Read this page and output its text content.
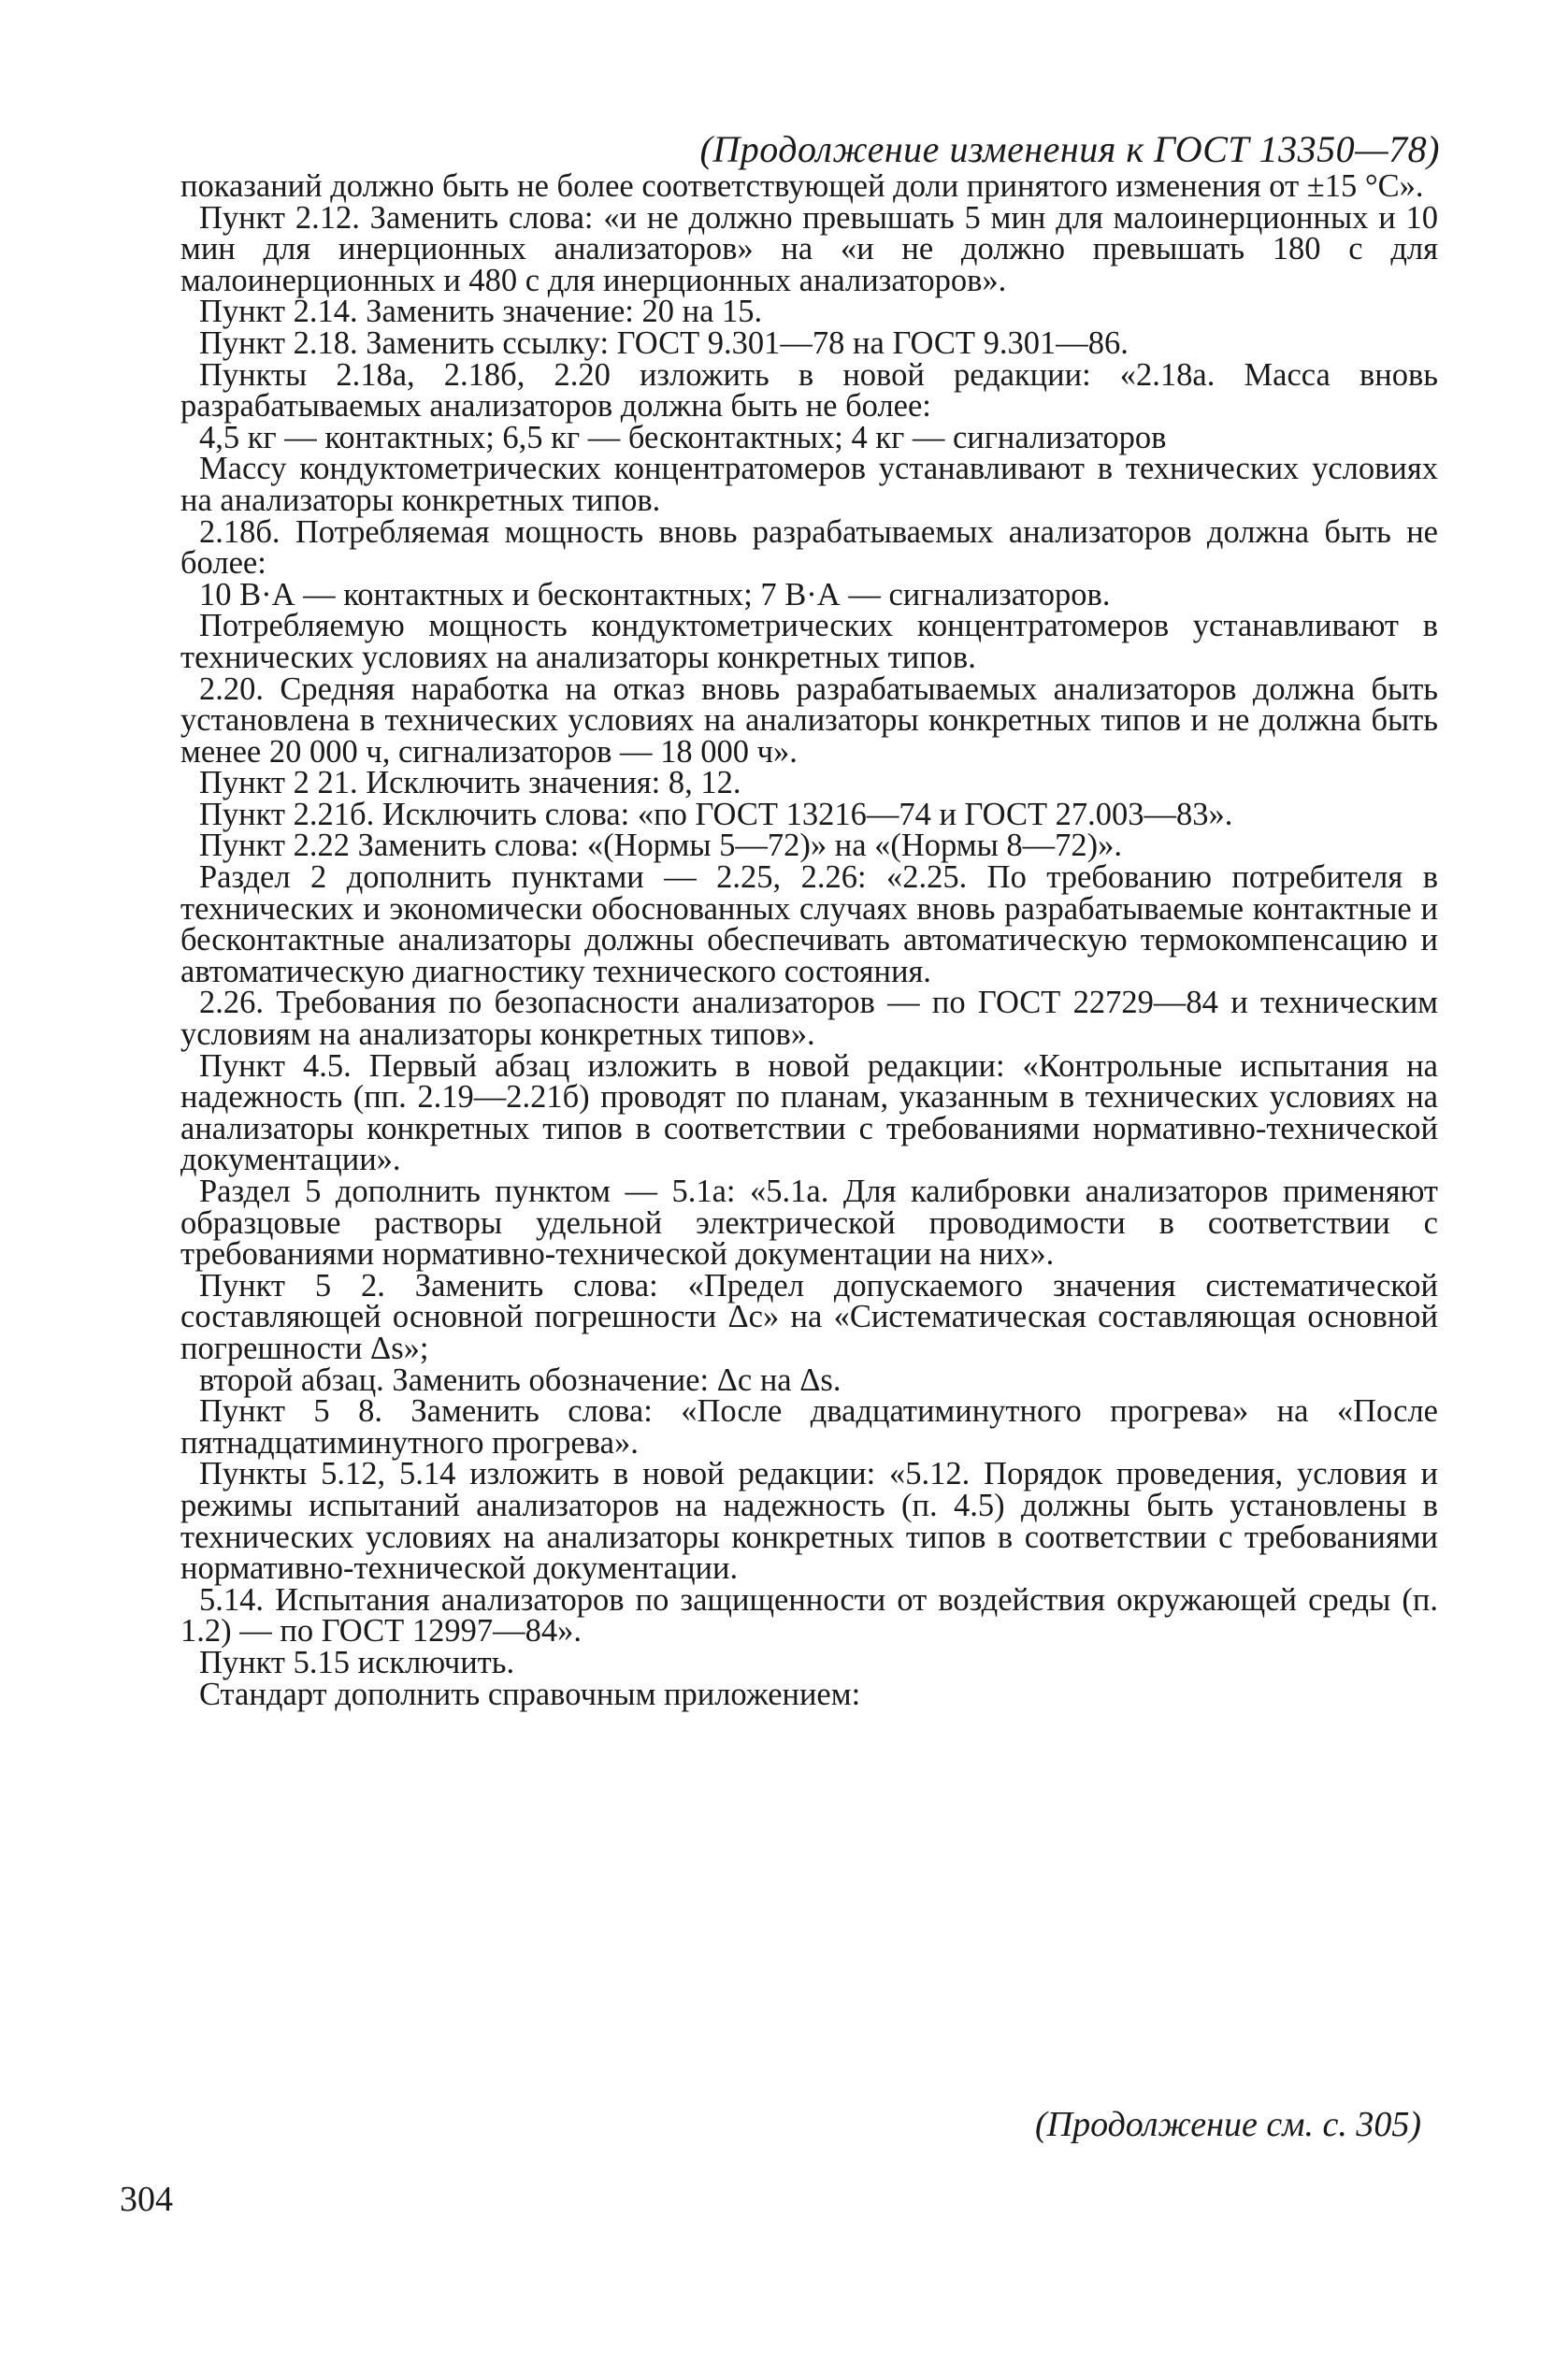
(Продолжение изменения к ГОСТ 13350—78)

показаний должно быть не более соответствующей доли принятого изменения от ±15 °С».

Пункт 2.12. Заменить слова: «и не должно превышать 5 мин для малоинерционных и 10 мин для инерционных анализаторов» на «и не должно превышать 180 с для малоинерционных и 480 с для инерционных анализаторов».

Пункт 2.14. Заменить значение: 20 на 15.

Пункт 2.18. Заменить ссылку: ГОСТ 9.301—78 на ГОСТ 9.301—86.

Пункты 2.18а, 2.18б, 2.20 изложить в новой редакции: «2.18а. Масса вновь разрабатываемых анализаторов должна быть не более:

4,5 кг — контактных; 6,5 кг — бесконтактных; 4 кг — сигнализаторов

Массу кондуктометрических концентратомеров устанавливают в технических условиях на анализаторы конкретных типов.

2.18б. Потребляемая мощность вновь разрабатываемых анализаторов должна быть не более:

10 В·А — контактных и бесконтактных; 7 В·А — сигнализаторов.

Потребляемую мощность кондуктометрических концентратомеров устанавливают в технических условиях на анализаторы конкретных типов.

2.20. Средняя наработка на отказ вновь разрабатываемых анализаторов должна быть установлена в технических условиях на анализаторы конкретных типов и не должна быть менее 20 000 ч, сигнализаторов — 18 000 ч».

Пункт 2 21. Исключить значения: 8, 12.

Пункт 2.21б. Исключить слова: «по ГОСТ 13216—74 и ГОСТ 27.003—83».

Пункт 2.22 Заменить слова: «(Нормы 5—72)» на «(Нормы 8—72)».

Раздел 2 дополнить пунктами — 2.25, 2.26: «2.25. По требованию потребителя в технических и экономически обоснованных случаях вновь разрабатываемые контактные и бесконтактные анализаторы должны обеспечивать автоматическую термокомпенсацию и автоматическую диагностику технического состояния.

2.26. Требования по безопасности анализаторов — по ГОСТ 22729—84 и техническим условиям на анализаторы конкретных типов».

Пункт 4.5. Первый абзац изложить в новой редакции: «Контрольные испытания на надежность (пп. 2.19—2.21б) проводят по планам, указанным в технических условиях на анализаторы конкретных типов в соответствии с требованиями нормативно-технической документации».

Раздел 5 дополнить пунктом — 5.1а: «5.1а. Для калибровки анализаторов применяют образцовые растворы удельной электрической проводимости в соответствии с требованиями нормативно-технической документации на них».

Пункт 5 2. Заменить слова: «Предел допускаемого значения систематической составляющей основной погрешности Δс» на «Систематическая составляющая основной погрешности Δs»;

второй абзац. Заменить обозначение: Δс на Δs.

Пункт 5 8. Заменить слова: «После двадцатиминутного прогрева» на «После пятнадцатиминутного прогрева».

Пункты 5.12, 5.14 изложить в новой редакции: «5.12. Порядок проведения, условия и режимы испытаний анализаторов на надежность (п. 4.5) должны быть установлены в технических условиях на анализаторы конкретных типов в соответствии с требованиями нормативно-технической документации.

5.14. Испытания анализаторов по защищенности от воздействия окружающей среды (п. 1.2) — по ГОСТ 12997—84».

Пункт 5.15 исключить.

Стандарт дополнить справочным приложением:

(Продолжение см. с. 305)
304
